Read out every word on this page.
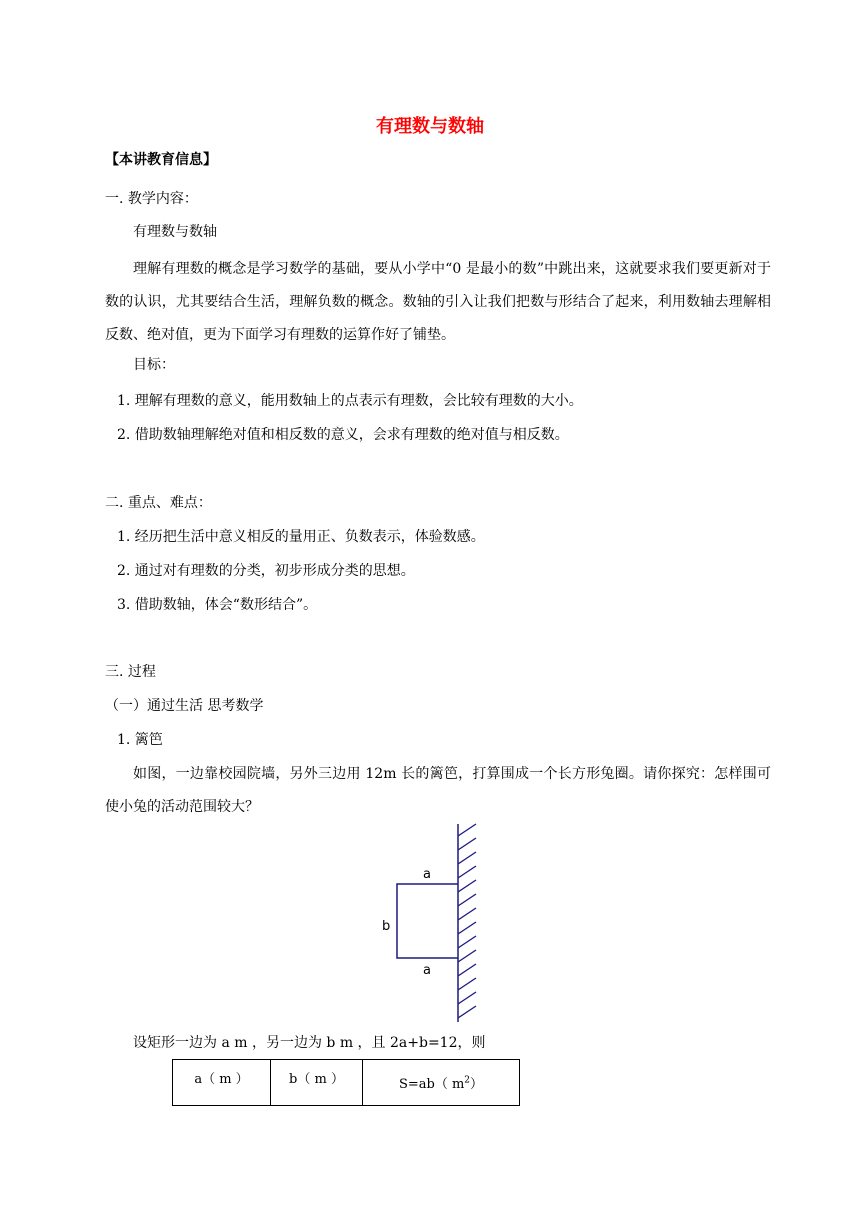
有理数与数轴
【本讲教育信息】
一. 教学内容：
有理数与数轴
理解有理数的概念是学习数学的基础，要从小学中“0 是最小的数”中跳出来，这就要求我们要更新对于数的认识，尤其要结合生活，理解负数的概念。数轴的引入让我们把数与形结合了起来，利用数轴去理解相反数、绝对值，更为下面学习有理数的运算作好了铺垫。
目标：
1. 理解有理数的意义，能用数轴上的点表示有理数，会比较有理数的大小。
2. 借助数轴理解绝对值和相反数的意义，会求有理数的绝对值与相反数。
二. 重点、难点：
1. 经历把生活中意义相反的量用正、负数表示，体验数感。
2. 通过对有理数的分类，初步形成分类的思想。
3. 借助数轴，体会“数形结合”。
三. 过程
（一）通过生活 思考数学
1. 篱笆
如图，一边靠校园院墙，另外三边用 12m 长的篱笆，打算围成一个长方形兔圈。请你探究：怎样围可使小兔的活动范围较大？
a
b
a
设矩形一边为 a m ，另一边为 b m ，且 2a+b=12，则
a（ m ）	b（ m ）	S=ab（ $m^2$）
